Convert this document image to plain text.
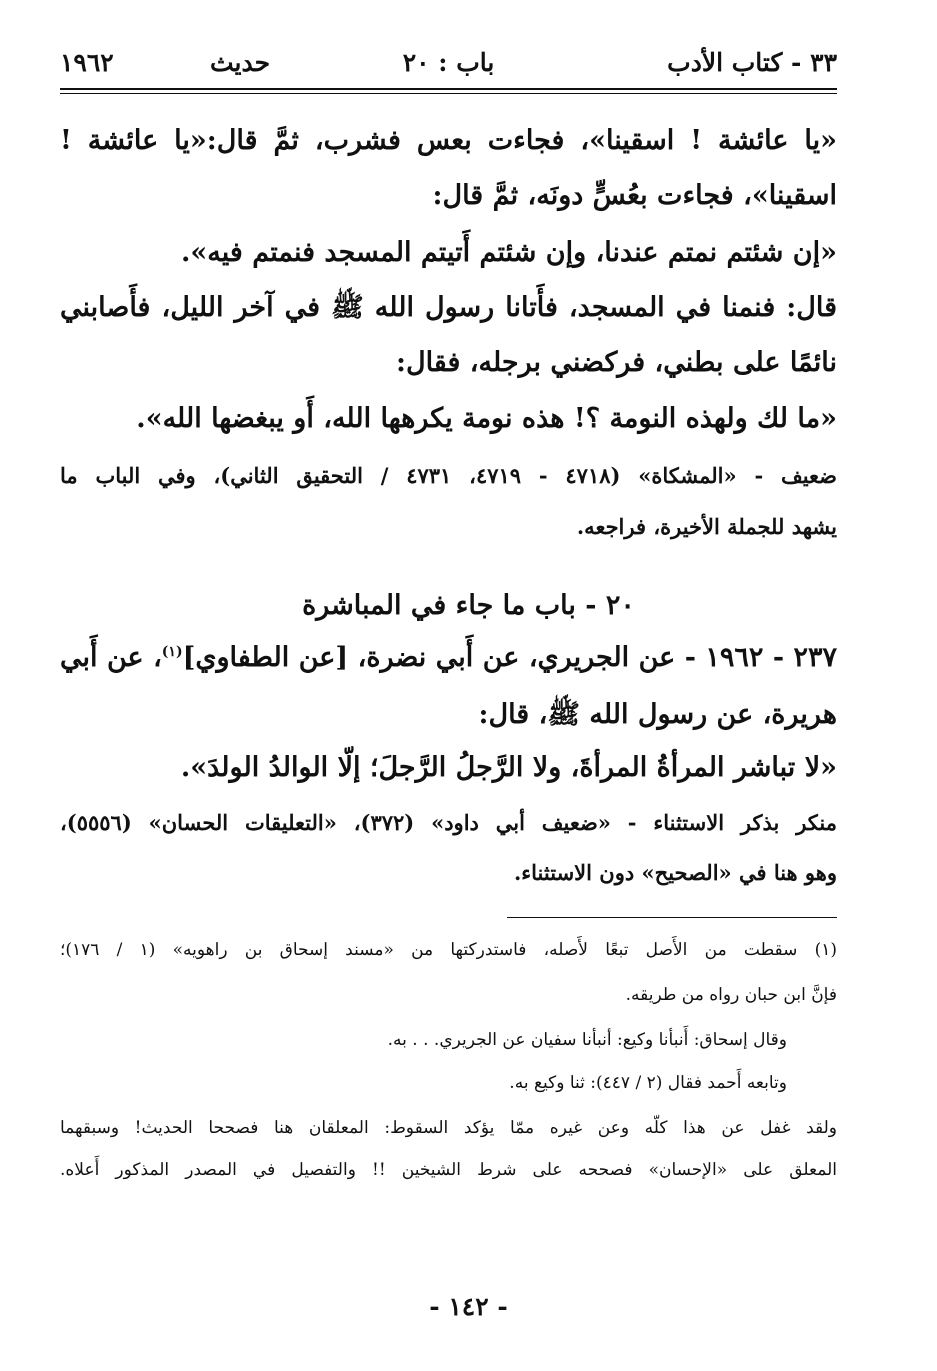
٣٣ - كتاب الأدب
باب : ٢٠
حديث
١٩٦٢
«يا عائشة ! اسقينا»، فجاءت بعس فشرب، ثمَّ قال:«يا عائشة !
اسقينا»، فجاءت بعُسٍّ دونَه، ثمَّ قال:
«إن شئتم نمتم عندنا، وإن شئتم أَتيتم المسجد فنمتم فيه».
قال: فنمنا في المسجد، فأَتانا رسول الله ﷺ في آخر الليل، فأَصابني
نائمًا على بطني، فركضني برجله، فقال:
«ما لك ولهذه النومة ؟! هذه نومة يكرهها الله، أَو يبغضها الله».
ضعيف - «المشكاة» (٤٧١٨ - ٤٧١٩، ٤٧٣١ / التحقيق الثاني)، وفي الباب ما
يشهد للجملة الأخيرة، فراجعه.
٢٠ - باب ما جاء في المباشرة
٢٣٧ - ١٩٦٢ - عن الجريري، عن أَبي نضرة، [عن الطفاوي]$^{(١)}$، عن أَبي
هريرة، عن رسول الله ﷺ، قال:
«لا تباشر المرأةُ المرأةَ، ولا الرَّجلُ الرَّجلَ؛ إلّا الوالدُ الولدَ».
منكر بذكر الاستثناء - «ضعيف أبي داود» (٣٧٢)، «التعليقات الحسان» (٥٥٥٦)،
وهو هنا في «الصحيح» دون الاستثناء.
(١) سقطت من الأَصل تبعًا لأَصله، فاستدركتها من «مسند إسحاق بن راهويه» (١ / ١٧٦)؛
فإنَّ ابن حبان رواه من طريقه.
وقال إسحاق: أَنبأنا وكيع: أنبأنا سفيان عن الجريري. . . به.
وتابعه أَحمد فقال (٢ / ٤٤٧): ثنا وكيع به.
ولقد غفل عن هذا كلّه وعن غيره ممّا يؤكد السقوط: المعلقان هنا فصححا الحديث! وسبقهما
المعلق على «الإحسان» فصححه على شرط الشيخين !! والتفصيل في المصدر المذكور أَعلاه.
- ١٤٢ -
